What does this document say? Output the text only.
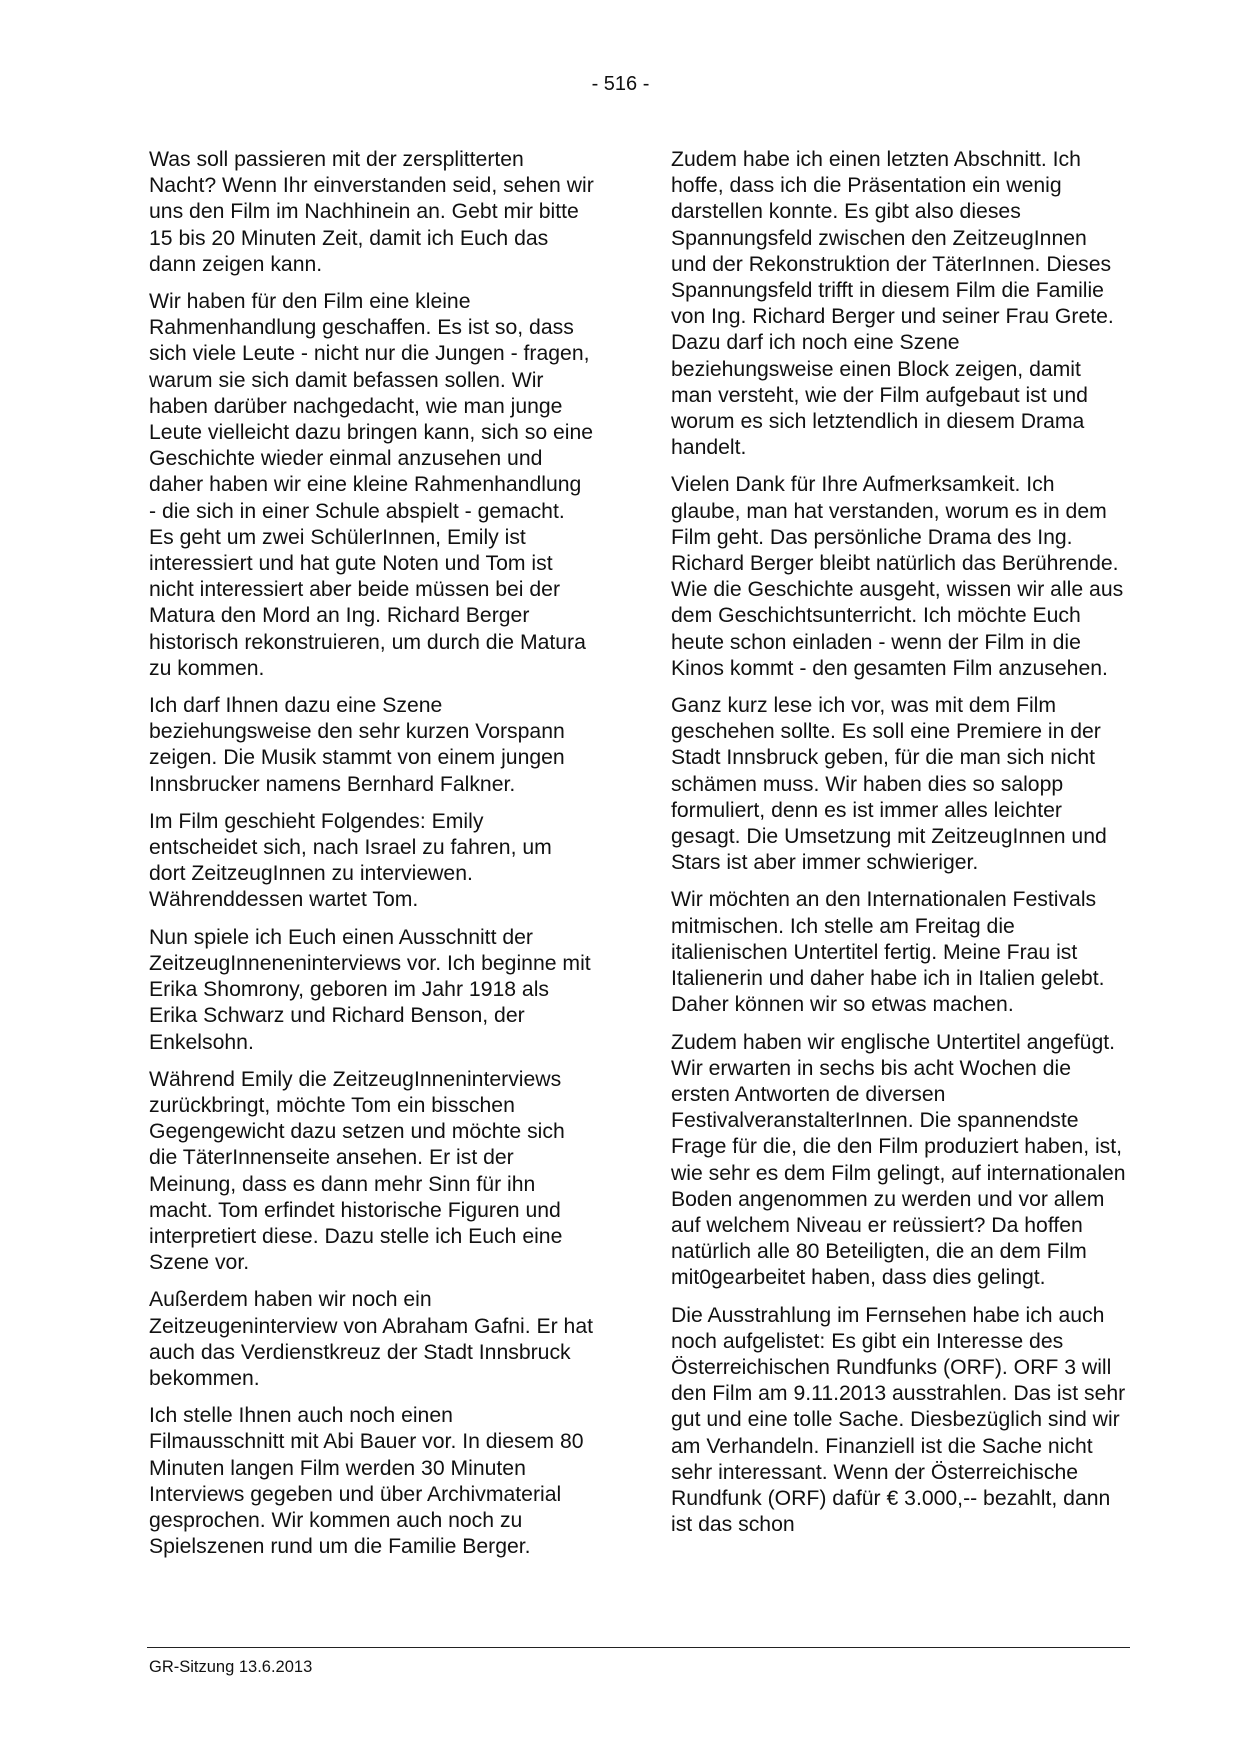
- 516 -

Was soll passieren mit der zersplitterten Nacht? Wenn Ihr einverstanden seid, sehen wir uns den Film im Nachhinein an. Gebt mir bitte 15 bis 20 Minuten Zeit, damit ich Euch das dann zeigen kann.

Wir haben für den Film eine kleine Rahmenhandlung geschaffen. Es ist so, dass sich viele Leute - nicht nur die Jungen - fragen, warum sie sich damit befassen sollen. Wir haben darüber nachgedacht, wie man junge Leute vielleicht dazu bringen kann, sich so eine Geschichte wieder einmal anzusehen und daher haben wir eine kleine Rahmenhandlung - die sich in einer Schule abspielt - gemacht. Es geht um zwei SchülerInnen, Emily ist interessiert und hat gute Noten und Tom ist nicht interessiert aber beide müssen bei der Matura den Mord an Ing. Richard Berger historisch rekonstruieren, um durch die Matura zu kommen.

Ich darf Ihnen dazu eine Szene beziehungsweise den sehr kurzen Vorspann zeigen. Die Musik stammt von einem jungen Innsbrucker namens Bernhard Falkner.

Im Film geschieht Folgendes: Emily entscheidet sich, nach Israel zu fahren, um dort ZeitzeugInnen zu interviewen. Währenddessen wartet Tom.

Nun spiele ich Euch einen Ausschnitt der ZeitzeugInneneninterviews vor. Ich beginne mit Erika Shomrony, geboren im Jahr 1918 als Erika Schwarz und Richard Benson, der Enkelsohn.

Während Emily die ZeitzeugInneninterviews zurückbringt, möchte Tom ein bisschen Gegengewicht dazu setzen und möchte sich die TäterInnenseite ansehen. Er ist der Meinung, dass es dann mehr Sinn für ihn macht. Tom erfindet historische Figuren und interpretiert diese. Dazu stelle ich Euch eine Szene vor.

Außerdem haben wir noch ein Zeitzeugeninterview von Abraham Gafni. Er hat auch das Verdienstkreuz der Stadt Innsbruck bekommen.

Ich stelle Ihnen auch noch einen Filmausschnitt mit Abi Bauer vor. In diesem 80 Minuten langen Film werden 30 Minuten Interviews gegeben und über Archivmaterial gesprochen. Wir kommen auch noch zu Spielszenen rund um die Familie Berger.

Zudem habe ich einen letzten Abschnitt. Ich hoffe, dass ich die Präsentation ein wenig darstellen konnte. Es gibt also dieses Spannungsfeld zwischen den ZeitzeugInnen und der Rekonstruktion der TäterInnen. Dieses Spannungsfeld trifft in diesem Film die Familie von Ing. Richard Berger und seiner Frau Grete. Dazu darf ich noch eine Szene beziehungsweise einen Block zeigen, damit man versteht, wie der Film aufgebaut ist und worum es sich letztendlich in diesem Drama handelt.

Vielen Dank für Ihre Aufmerksamkeit. Ich glaube, man hat verstanden, worum es in dem Film geht. Das persönliche Drama des Ing. Richard Berger bleibt natürlich das Berührende. Wie die Geschichte ausgeht, wissen wir alle aus dem Geschichtsunterricht. Ich möchte Euch heute schon einladen - wenn der Film in die Kinos kommt - den gesamten Film anzusehen.

Ganz kurz lese ich vor, was mit dem Film geschehen sollte. Es soll eine Premiere in der Stadt Innsbruck geben, für die man sich nicht schämen muss. Wir haben dies so salopp formuliert, denn es ist immer alles leichter gesagt. Die Umsetzung mit ZeitzeugInnen und Stars ist aber immer schwieriger.

Wir möchten an den Internationalen Festivals mitmischen. Ich stelle am Freitag die italienischen Untertitel fertig. Meine Frau ist Italienerin und daher habe ich in Italien gelebt. Daher können wir so etwas machen.

Zudem haben wir englische Untertitel angefügt. Wir erwarten in sechs bis acht Wochen die ersten Antworten de diversen FestivalveranstalterInnen. Die spannendste Frage für die, die den Film produziert haben, ist, wie sehr es dem Film gelingt, auf internationalen Boden angenommen zu werden und vor allem auf welchem Niveau er reüssiert? Da hoffen natürlich alle 80 Beteiligten, die an dem Film mit0gearbeitet haben, dass dies gelingt.

Die Ausstrahlung im Fernsehen habe ich auch noch aufgelistet: Es gibt ein Interesse des Österreichischen Rundfunks (ORF). ORF 3 will den Film am 9.11.2013 ausstrahlen. Das ist sehr gut und eine tolle Sache. Diesbezüglich sind wir am Verhandeln. Finanziell ist die Sache nicht sehr interessant. Wenn der Österreichische Rundfunk (ORF) dafür € 3.000,-- bezahlt, dann ist das schon

GR-Sitzung 13.6.2013
